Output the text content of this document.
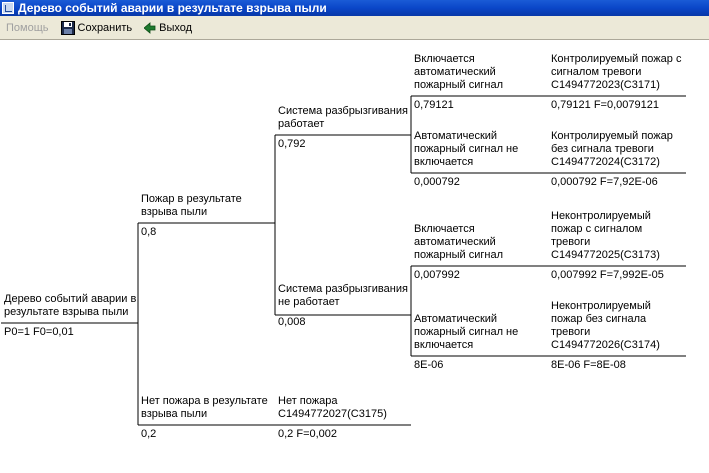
Дерево событий аварии в результате взрыва пыли
Помощь	Сохранить Выход
Дерево событий аварии в
результате взрыва пыли
P0=1 F0=0,01
Пожар в результате
взрыва пыли
0,8
Нет пожара в результате
взрыва пыли
0,2
Нет пожара
C1494772027(C3175)
0,2 F=0,002
Система разбрызгивания
работает
0,792
Система разбрызгивания
не работает
0,008
Включается
автоматический
пожарный сигнал
0,79121
Автоматический
пожарный сигнал не
включается
0,000792
Включается
автоматический
пожарный сигнал
0,007992
Автоматический
пожарный сигнал не
включается
8E-06
Контролируемый пожар с
сигналом тревоги
C1494772023(C3171)
0,79121 F=0,0079121
Контролируемый пожар
без сигнала тревоги
C1494772024(C3172)
0,000792 F=7,92E-06
Неконтролируемый
пожар с сигналом
тревоги
C1494772025(C3173)
0,007992 F=7,992E-05
Неконтролируемый
пожар без сигнала
тревоги
C1494772026(C3174)
8E-06 F=8E-08
